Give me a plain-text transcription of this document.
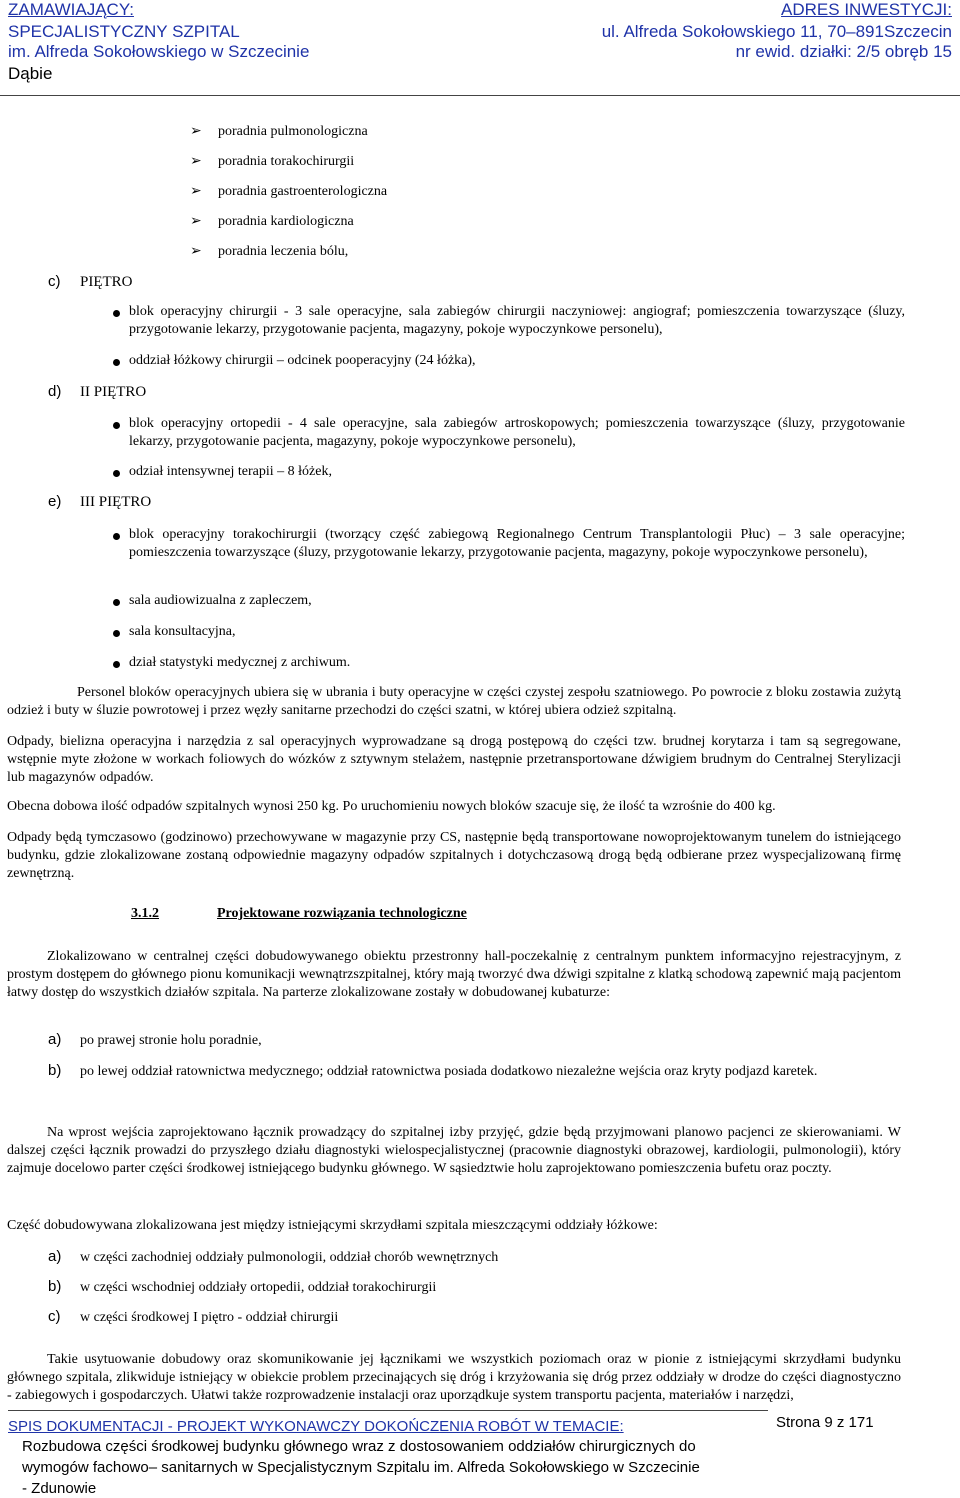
ZAMAWIAJĄCY:
SPECJALISTYCZNY SZPITAL
im. Alfreda Sokołowskiego w Szczecinie
Dąbie
ADRES INWESTYCJI:
ul. Alfreda Sokołowskiego 11, 70–891Szczecin
nr ewid. działki: 2/5 obręb 15
➢ poradnia pulmonologiczna
➢ poradnia torakochirurgii
➢ poradnia gastroenterologiczna
➢ poradnia kardiologiczna
➢ poradnia leczenia bólu,
c) PIĘTRO
blok operacyjny chirurgii - 3 sale operacyjne, sala zabiegów chirurgii naczyniowej: angiograf; pomieszczenia towarzyszące (śluzy, przygotowanie lekarzy, przygotowanie pacjenta, magazyny, pokoje wypoczynkowe personelu),
oddział łóżkowy chirurgii – odcinek pooperacyjny (24 łóżka),
d) II PIĘTRO
blok operacyjny ortopedii - 4 sale operacyjne, sala zabiegów artroskopowych; pomieszczenia towarzyszące (śluzy, przygotowanie lekarzy, przygotowanie pacjenta, magazyny, pokoje wypoczynkowe personelu),
odział intensywnej terapii – 8 łóżek,
e) III PIĘTRO
blok operacyjny torakochirurgii (tworzący część zabiegową Regionalnego Centrum Transplantologii Płuc) – 3 sale operacyjne; pomieszczenia towarzyszące (śluzy, przygotowanie lekarzy, przygotowanie pacjenta, magazyny, pokoje wypoczynkowe personelu),
sala audiowizualna z zapleczem,
sala konsultacyjna,
dział statystyki medycznej z archiwum.
Personel bloków operacyjnych ubiera się w ubrania i buty operacyjne w części czystej zespołu szatniowego. Po powrocie z bloku zostawia zużytą odzież i buty w śluzie powrotowej i przez węzły sanitarne przechodzi do części szatni, w której ubiera odzież szpitalną.
Odpady, bielizna operacyjna i narzędzia z sal operacyjnych wyprowadzane są drogą postępową do części tzw. brudnej korytarza i tam są segregowane, wstępnie myte złożone w workach foliowych do wózków z sztywnym stelażem, następnie przetransportowane dźwigiem brudnym do Centralnej Sterylizacji lub magazynów odpadów.
Obecna dobowa ilość odpadów szpitalnych wynosi 250 kg. Po uruchomieniu nowych bloków szacuje się, że ilość ta wzrośnie do 400 kg.
Odpady będą tymczasowo (godzinowo) przechowywane w magazynie przy CS, następnie będą transportowane nowoprojektowanym tunelem do istniejącego budynku, gdzie zlokalizowane zostaną odpowiednie magazyny odpadów szpitalnych i dotychczasową drogą będą odbierane przez wyspecjalizowaną firmę zewnętrzną.
3.1.2	Projektowane rozwiązania technologiczne
Zlokalizowano w centralnej części dobudowywanego obiektu przestronny hall-poczekalnię z centralnym punktem informacyjno rejestracyjnym, z prostym dostępem do głównego pionu komunikacji wewnątrzszpitalnej, który mają tworzyć dwa dźwigi szpitalne z klatką schodową zapewnić mają pacjentom łatwy dostęp do wszystkich działów szpitala. Na parterze zlokalizowane zostały w dobudowanej kubaturze:
a) po prawej stronie holu poradnie,
b) po lewej oddział ratownictwa medycznego; oddział ratownictwa posiada dodatkowo niezależne wejścia oraz kryty podjazd karetek.
Na wprost wejścia zaprojektowano łącznik prowadzący do szpitalnej izby przyjęć, gdzie będą przyjmowani planowo pacjenci ze skierowaniami. W dalszej części łącznik prowadzi do przyszłego działu diagnostyki wielospecjalistycznej (pracownie diagnostyki obrazowej, kardiologii, pulmonologii), który zajmuje docelowo parter części środkowej istniejącego budynku głównego. W sąsiedztwie holu zaprojektowano pomieszczenia bufetu oraz poczty.
Część dobudowywana zlokalizowana jest między istniejącymi skrzydłami szpitala mieszczącymi oddziały łóżkowe:
a) w części zachodniej oddziały pulmonologii, oddział chorób wewnętrznych
b) w części wschodniej oddziały ortopedii, oddział torakochirurgii
c) w części środkowej I piętro - oddział chirurgii
Takie usytuowanie dobudowy oraz skomunikowanie jej łącznikami we wszystkich poziomach oraz w pionie z istniejącymi skrzydłami budynku głównego szpitala, zlikwiduje istniejący w obiekcie problem przecinających się dróg i krzyżowania się dróg przez oddziały w drodze do części diagnostyczno - zabiegowych i gospodarczych. Ułatwi także rozprowadzenie instalacji oraz uporządkuje system transportu pacjenta, materiałów i narzędzi,
SPIS DOKUMENTACJI - PROJEKT WYKONAWCZY DOKOŃCZENIA ROBÓT W TEMACIE:	Strona 9 z 171
Rozbudowa części środkowej budynku głównego wraz z dostosowaniem oddziałów chirurgicznych do
wymogów fachowo– sanitarnych w Specjalistycznym Szpitalu im. Alfreda Sokołowskiego w Szczecinie
- Zdunowie
